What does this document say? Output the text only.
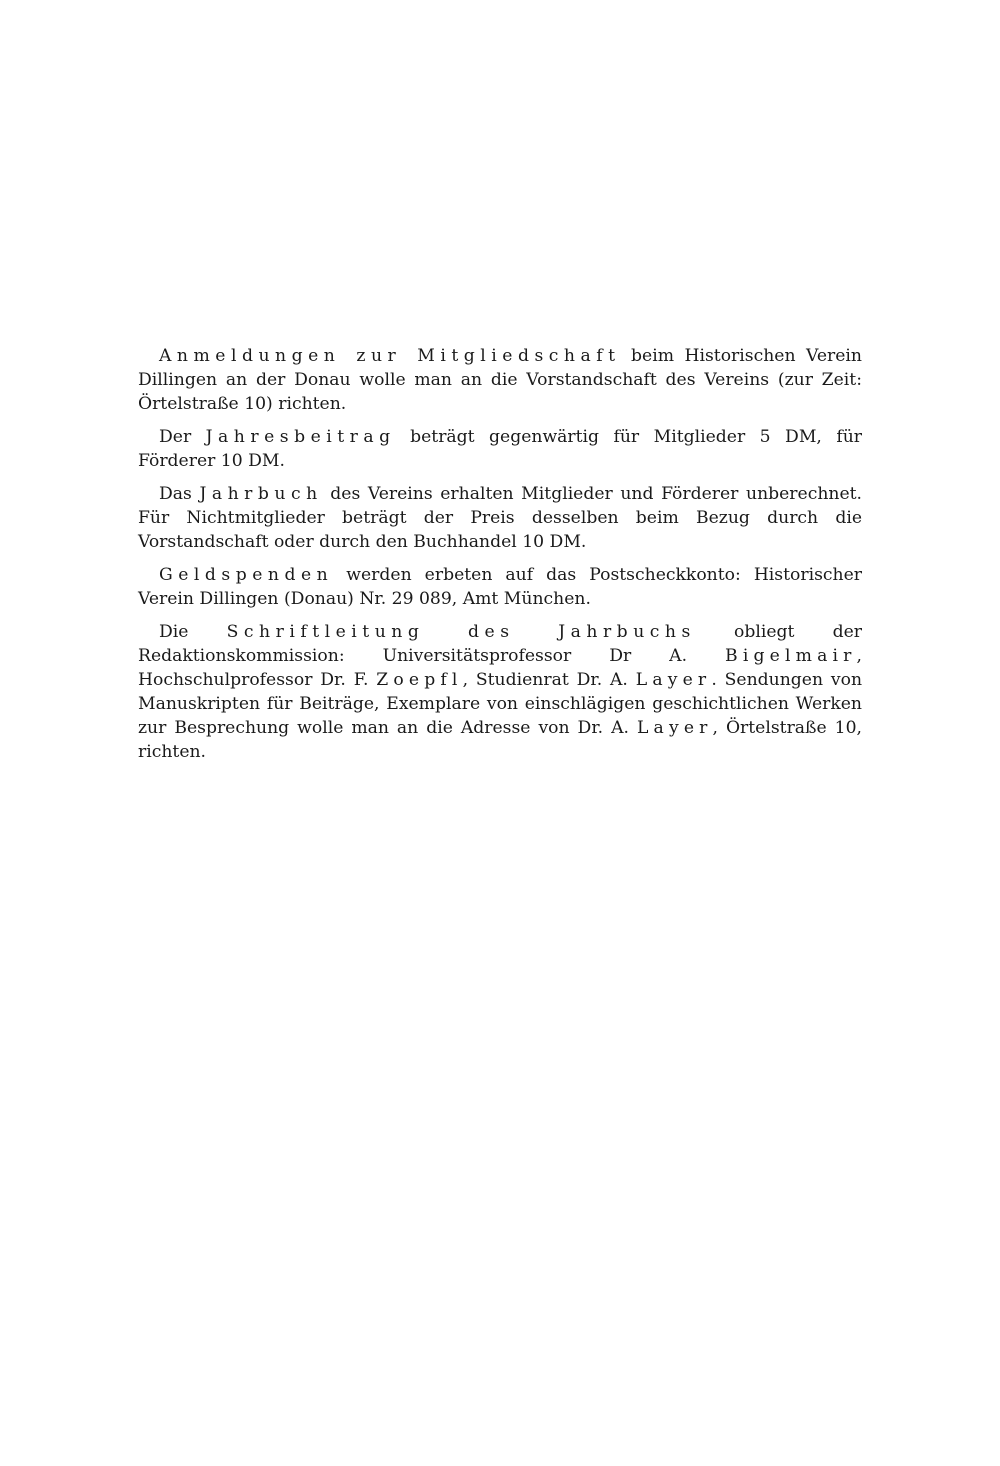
Anmeldungen zur Mitgliedschaft beim Historischen Verein Dillingen an der Donau wolle man an die Vorstandschaft des Vereins (zur Zeit: Örtelstraße 10) richten.

Der Jahresbeitrag beträgt gegenwärtig für Mitglieder 5 DM, für Förderer 10 DM.

Das Jahrbuch des Vereins erhalten Mitglieder und Förderer unberechnet. Für Nichtmitglieder beträgt der Preis desselben beim Bezug durch die Vorstandschaft oder durch den Buchhandel 10 DM.

Geldspenden werden erbeten auf das Postscheckkonto: Historischer Verein Dillingen (Donau) Nr. 29 089, Amt München.

Die Schriftleitung des Jahrbuchs obliegt der Redaktionskommission: Universitätsprofessor Dr A. Bigelmair, Hochschulprofessor Dr. F. Zoepfl, Studienrat Dr. A. Layer. Sendungen von Manuskripten für Beiträge, Exemplare von einschlägigen geschichtlichen Werken zur Besprechung wolle man an die Adresse von Dr. A. Layer, Örtelstraße 10, richten.
